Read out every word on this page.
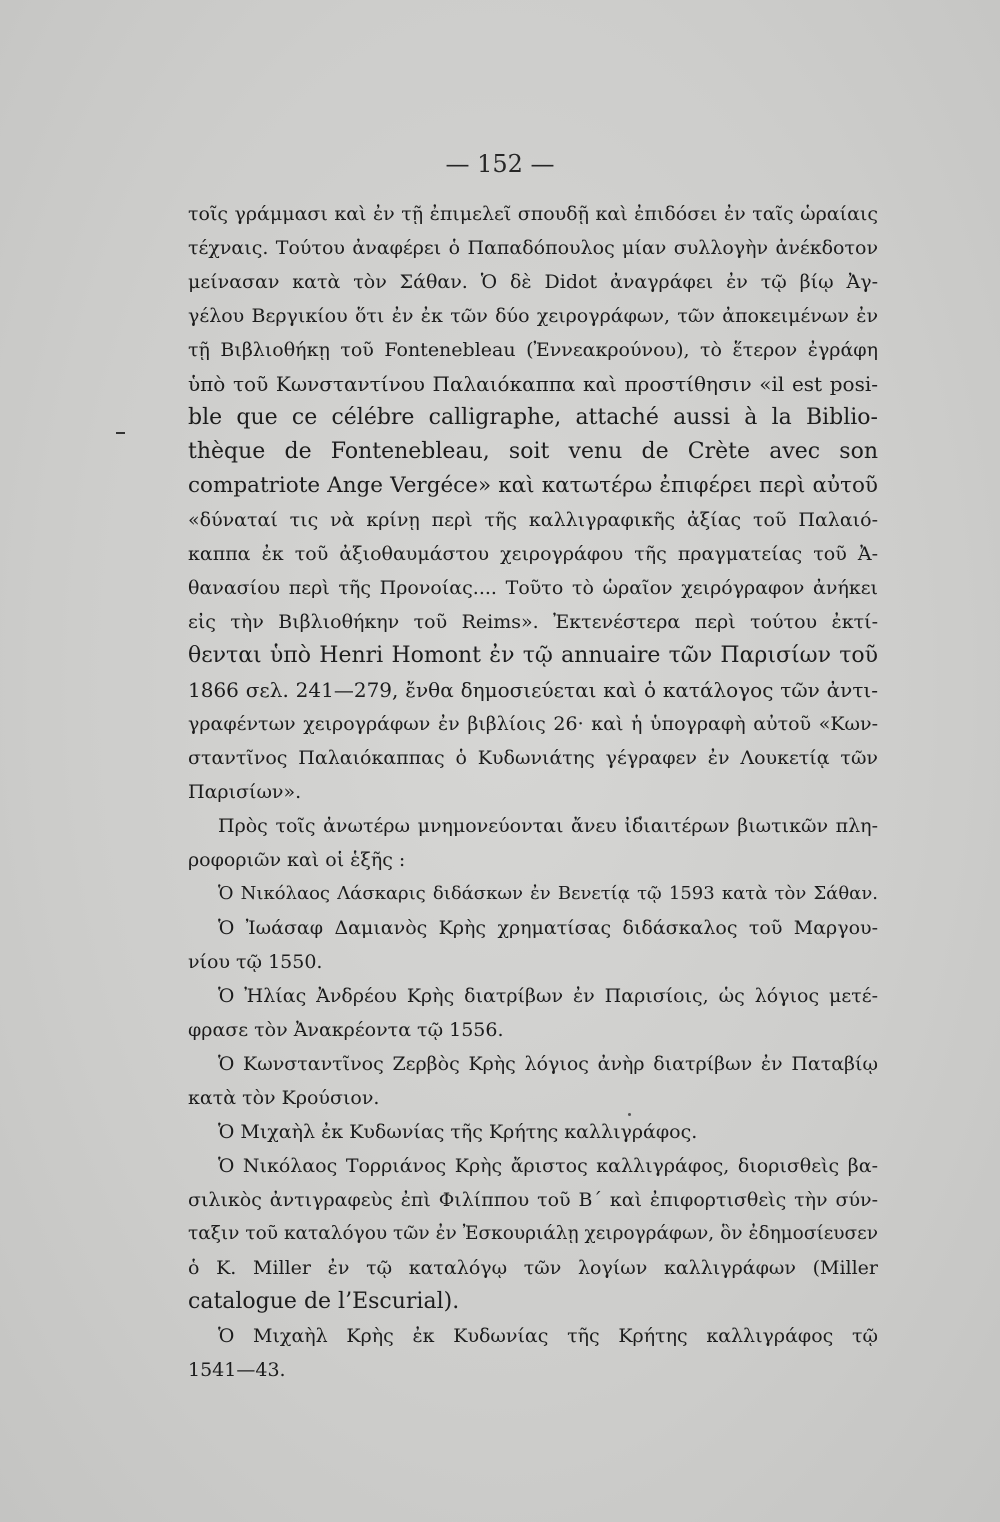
— 152 —
τοῖς γράμμασι καὶ ἐν τῇ ἐπιμελεῖ σπουδῇ καὶ ἐπιδόσει ἐν ταῖς ὡραίαις
τέχναις. Τούτου ἀναφέρει ὁ Παπαδόπουλος μίαν συλλογὴν ἀνέκδοτον
μείνασαν κατὰ τὸν Σάθαν. Ὁ δὲ Didot ἀναγράφει ἐν τῷ βίῳ Ἀγ-
γέλου Βεργικίου ὅτι ἐν ἐκ τῶν δύο χειρογράφων, τῶν ἀποκειμένων ἐν
τῇ Βιβλιοθήκῃ τοῦ Fontenebleau (Ἐννεακρούνου), τὸ ἕτερον ἐγράφη
ὑπὸ τοῦ Κωνσταντίνου Παλαιόκαππα καὶ προστίθησιν «il est posi-
ble que ce célébre calligraphe, attaché aussi à la Biblio-
thèque de Fontenebleau, soit venu de Crète avec son
compatriote Ange Vergéce» καὶ κατωτέρω ἐπιφέρει περὶ αὐτοῦ
«δύναταί τις νὰ κρίνῃ περὶ τῆς καλλιγραφικῆς ἀξίας τοῦ Παλαιό-
καππα ἐκ τοῦ ἀξιοθαυμάστου χειρογράφου τῆς πραγματείας τοῦ Ἀ-
θανασίου περὶ τῆς Προνοίας.... Τοῦτο τὸ ὡραῖον χειρόγραφον ἀνήκει
εἰς τὴν Βιβλιοθήκην τοῦ Reims». Ἐκτενέστερα περὶ τούτου ἐκτί-
θενται ὑπὸ Henri Homont ἐν τῷ annuaire τῶν Παρισίων τοῦ
1866 σελ. 241—279, ἔνθα δημοσιεύεται καὶ ὁ κατάλογος τῶν ἀντι-
γραφέντων χειρογράφων ἐν βιβλίοις 26· καὶ ἡ ὑπογραφὴ αὐτοῦ «Κων-
σταντῖνος Παλαιόκαππας ὁ Κυδωνιάτης γέγραφεν ἐν Λουκετίᾳ τῶν
Παρισίων».
Πρὸς τοῖς ἀνωτέρω μνημονεύονται ἄνευ ἰδιαιτέρων βιωτικῶν πλη-
ροφοριῶν καὶ οἱ ἑξῆς :
Ὁ Νικόλαος Λάσκαρις διδάσκων ἐν Βενετίᾳ τῷ 1593 κατὰ τὸν Σάθαν.
Ὁ Ἰωάσαφ Δαμιανὸς Κρὴς χρηματίσας διδάσκαλος τοῦ Μαργου-
νίου τῷ 1550.
Ὁ Ἠλίας Ἀνδρέου Κρὴς διατρίβων ἐν Παρισίοις, ὡς λόγιος μετέ-
φρασε τὸν Ἀνακρέοντα τῷ 1556.
Ὁ Κωνσταντῖνος Ζερβὸς Κρὴς λόγιος ἀνὴρ διατρίβων ἐν Παταβίῳ
κατὰ τὸν Κρούσιον.
Ὁ Μιχαὴλ ἐκ Κυδωνίας τῆς Κρήτης καλλιγράφος.
Ὁ Νικόλαος Τορριάνος Κρὴς ἄριστος καλλιγράφος, διορισθεὶς βα-
σιλικὸς ἀντιγραφεὺς ἐπὶ Φιλίππου τοῦ Β΄ καὶ ἐπιφορτισθεὶς τὴν σύν-
ταξιν τοῦ καταλόγου τῶν ἐν Ἐσκουριάλῃ χειρογράφων, ὃν ἐδημοσίευσεν
ὁ K. Miller ἐν τῷ καταλόγῳ τῶν λογίων καλλιγράφων (Miller
catalogue de l’Escurial).
Ὁ Μιχαὴλ Κρὴς ἐκ Κυδωνίας τῆς Κρήτης καλλιγράφος τῷ
1541—43.
